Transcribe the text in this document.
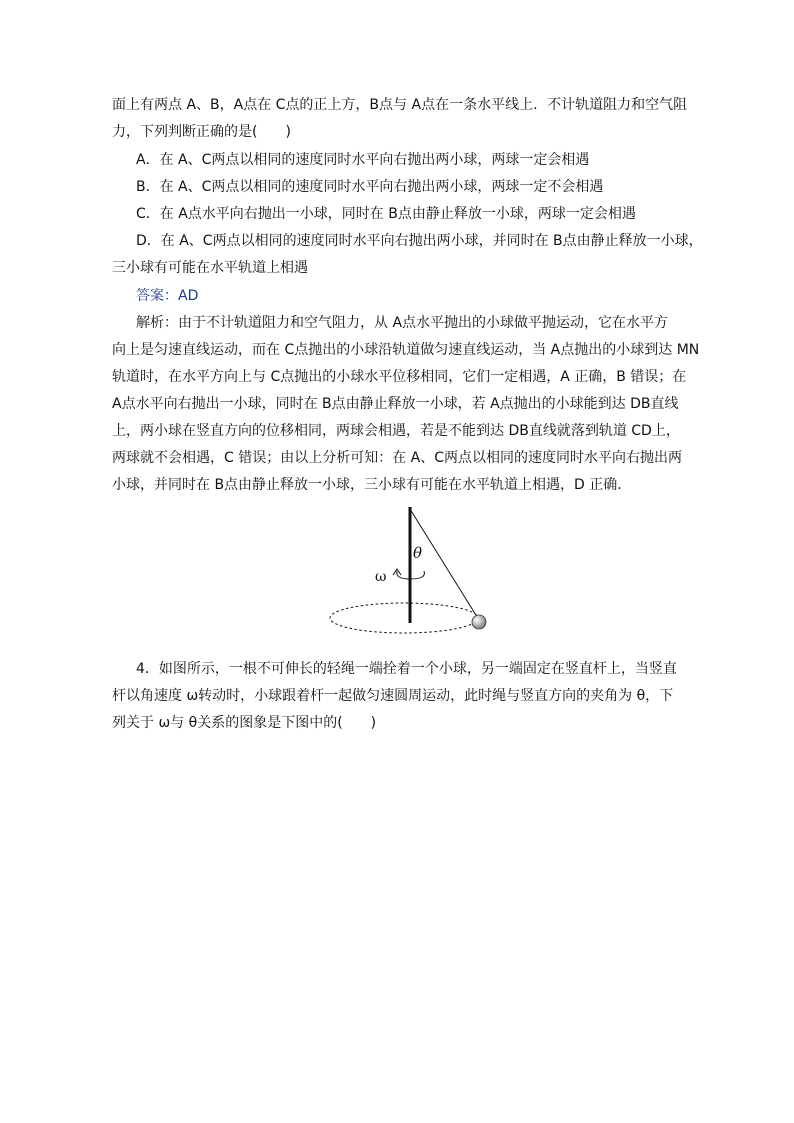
面上有两点 A、B，A点在 C点的正上方，B点与 A点在一条水平线上．不计轨道阻力和空气阻
力，下列判断正确的是(　　)
A．在 A、C两点以相同的速度同时水平向右抛出两小球，两球一定会相遇
B．在 A、C两点以相同的速度同时水平向右抛出两小球，两球一定不会相遇
C．在 A点水平向右抛出一小球，同时在 B点由静止释放一小球，两球一定会相遇
D．在 A、C两点以相同的速度同时水平向右抛出两小球，并同时在 B点由静止释放一小球，
三小球有可能在水平轨道上相遇
答案：AD
解析：由于不计轨道阻力和空气阻力，从 A点水平抛出的小球做平抛运动，它在水平方
向上是匀速直线运动，而在 C点抛出的小球沿轨道做匀速直线运动，当 A点抛出的小球到达 MN
轨道时，在水平方向上与 C点抛出的小球水平位移相同，它们一定相遇，A 正确，B 错误；在
A点水平向右抛出一小球，同时在 B点由静止释放一小球，若 A点抛出的小球能到达 DB直线
上，两小球在竖直方向的位移相同，两球会相遇，若是不能到达 DB直线就落到轨道 CD上，
两球就不会相遇，C 错误；由以上分析可知：在 A、C两点以相同的速度同时水平向右抛出两
小球，并同时在 B点由静止释放一小球，三小球有可能在水平轨道上相遇，D 正确．
ω
θ
4．如图所示，一根不可伸长的轻绳一端拴着一个小球，另一端固定在竖直杆上，当竖直
杆以角速度 ω转动时，小球跟着杆一起做匀速圆周运动，此时绳与竖直方向的夹角为 θ，下
列关于 ω与 θ关系的图象是下图中的(　　)
